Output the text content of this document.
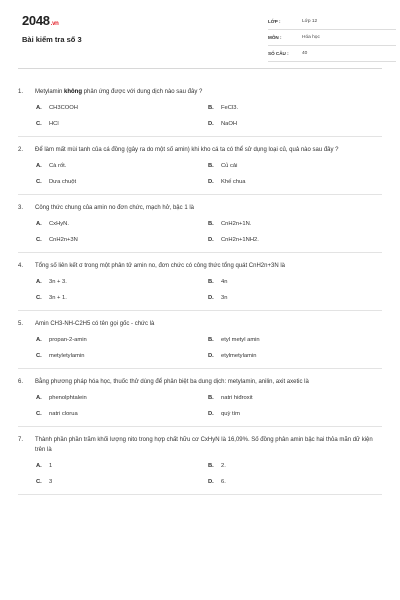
2048.vn
Bài kiểm tra số 3
LỚP :	Lớp 12
MÔN :	Hóa học
SỐ CÂU :	40
1.	Metylamin không phản ứng được với dung dịch nào sau đây ?
A.	CH3COOH	B.	FeCl3.
C.	HCl	D.	NaOH
2.	Để làm mất mùi tanh của cá đồng (gây ra do một số amin) khi kho cá ta có thể sử dụng loại củ, quả nào sau đây ?
A.	Cà rốt.	B.	Củ cải
C.	Dưa chuột	D.	Khế chua
3.	Công thức chung của amin no đơn chức, mạch hở, bậc 1 là
A.	CxHyN.	B.	CnH2n+1N.
C.	CnH2n+3N	D.	CnH2n+1NH2.
4.	Tổng số liên kết σ trong một phân tử amin no, đơn chức có công thức tổng quát CnH2n+3N là
A.	3n + 3.	B.	4n
C.	3n + 1.	D.	3n
5.	Amin CH3-NH-C2H5 có tên gọi gốc - chức là
A.	propan-2-amin	B.	etyl metyl amin
C.	metyletylamin	D.	etylmetylamin
6.	Bằng phương pháp hóa học, thuốc thử dùng để phân biệt ba dung dịch: metylamin, anilin, axit axetic là
A.	phenolphtalein	B.	natri hiđroxit
C.	natri clorua	D.	quỳ tím
7.	Thành phần phần trăm khối lượng nito trong hợp chất hữu cơ CxHyN là 16,09%. Số đồng phân amin bậc hai thỏa mãn dữ kiện trên là
A.	1	B.	2.
C.	3	D.	6.
